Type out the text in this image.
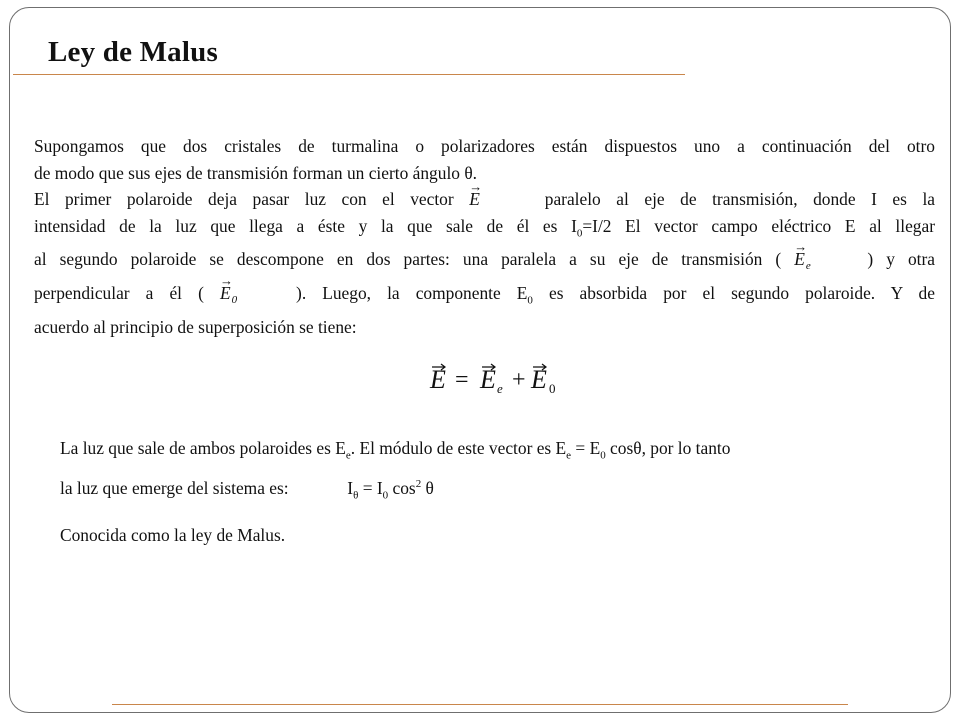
Ley de Malus
Supongamos que dos cristales de turmalina o polarizadores están dispuestos uno a continuación del otro
de modo que sus ejes de transmisión forman un cierto ángulo θ.
El primer polaroide deja pasar luz con el vector → E	paralelo al eje de transmisión, donde I es la
intensidad de la luz que llega a éste y la que sale de él es $I_0=I/2$ El vector campo eléctrico E al llegar
al segundo polaroide se descompone en dos partes: una paralela a su eje de transmisión ( → $E_e$	) y otra
perpendicular a él ( → $E_0$	). Luego, la componente $E_0$ es absorbida por el segundo polaroide. Y de
acuerdo al principio de superposición se tiene:
E = E e + E 0
La luz que sale de ambos polaroides es $E_e$. El módulo de este vector es $E_e = E_0$ cosθ, por lo tanto
la luz que emerge del sistema es:	$I_\theta = I_0$ $\cos^2 \theta$

Conocida como la ley de Malus.
